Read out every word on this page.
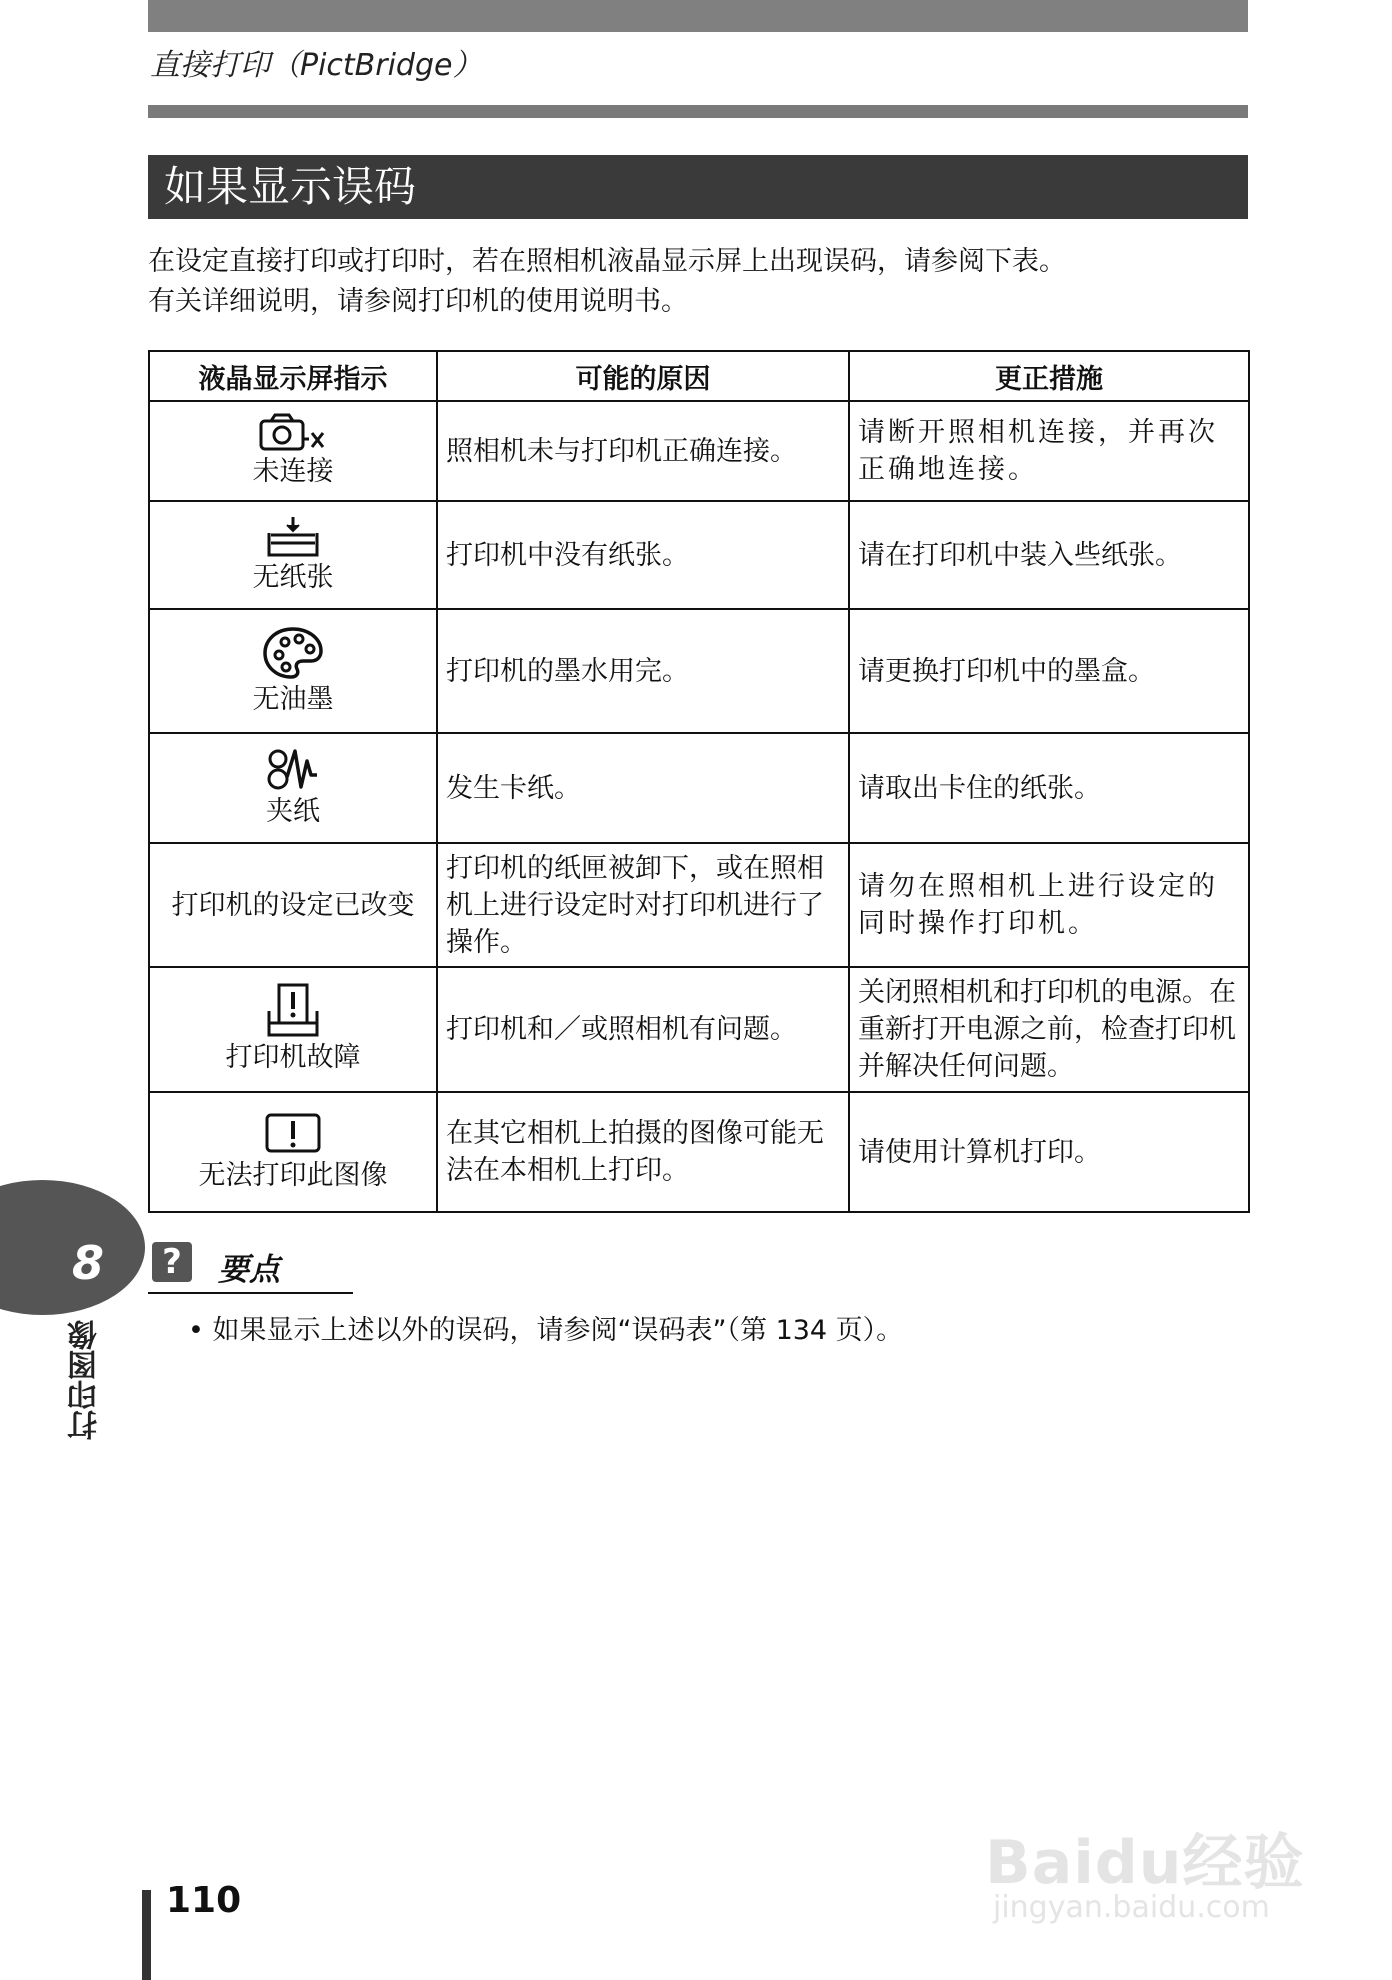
直接打印（PictBridge）
如果显示误码

在设定直接打印或打印时，若在照相机液晶显示屏上出现误码，请参阅下表。

有关详细说明，请参阅打印机的使用说明书。

液晶显示屏指示	可能的原因	更正措施

未连接	照相机未与打印机正确连接。	请断开照相机连接，并再次正确地连接。

无纸张	打印机中没有纸张。	请在打印机中装入些纸张。

无油墨	打印机的墨水用完。	请更换打印机中的墨盒。

夹纸	发生卡纸。	请取出卡住的纸张。

打印机的设定已改变	打印机的纸匣被卸下，或在照相机上进行设定时对打印机进行了操作。	请勿在照相机上进行设定的同时操作打印机。

打印机故障	打印机和／或照相机有问题。	关闭照相机和打印机的电源。在重新打开电源之前，检查打印机并解决任何问题。

无法打印此图像	在其它相机上拍摄的图像可能无法在本相机上打印。	请使用计算机打印。
?	要点
• 如果显示上述以外的误码，请参阅“误码表”（第 134 页）。
8
打印图像
110
Baidu经验
jingyan.baidu.com
